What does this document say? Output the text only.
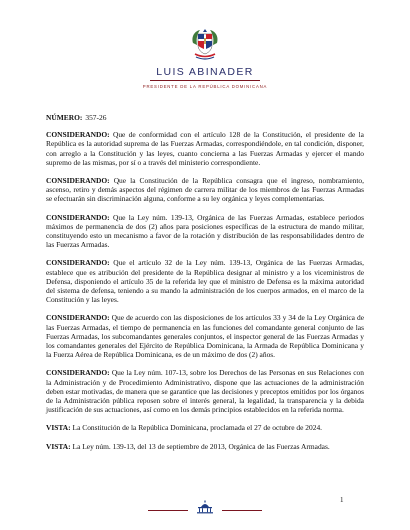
LUIS ABINADER
PRESIDENTE DE LA REPÚBLICA DOMINICANA

NÚMERO: 357-26

CONSIDERANDO: Que de conformidad con el artículo 128 de la Constitución, el presidente de la República es la autoridad suprema de las Fuerzas Armadas, correspondiéndole, en tal condición, disponer, con arreglo a la Constitución y las leyes, cuanto concierna a las Fuerzas Armadas y ejercer el mando supremo de las mismas, por sí o a través del ministerio correspondiente.

CONSIDERANDO: Que la Constitución de la República consagra que el ingreso, nombramiento, ascenso, retiro y demás aspectos del régimen de carrera militar de los miembros de las Fuerzas Armadas se efectuarán sin discriminación alguna, conforme a su ley orgánica y leyes complementarias.

CONSIDERANDO: Que la Ley núm. 139-13, Orgánica de las Fuerzas Armadas, establece periodos máximos de permanencia de dos (2) años para posiciones específicas de la estructura de mando militar, constituyendo esto un mecanismo a favor de la rotación y distribución de las responsabilidades dentro de las Fuerzas Armadas.

CONSIDERANDO: Que el artículo 32 de la Ley núm. 139-13, Orgánica de las Fuerzas Armadas, establece que es atribución del presidente de la República designar al ministro y a los viceministros de Defensa, disponiendo el artículo 35 de la referida ley que el ministro de Defensa es la máxima autoridad del sistema de defensa, teniendo a su mando la administración de los cuerpos armados, en el marco de la Constitución y las leyes.

CONSIDERANDO: Que de acuerdo con las disposiciones de los artículos 33 y 34 de la Ley Orgánica de las Fuerzas Armadas, el tiempo de permanencia en las funciones del comandante general conjunto de las Fuerzas Armadas, los subcomandantes generales conjuntos, el inspector general de las Fuerzas Armadas y los comandantes generales del Ejército de República Dominicana, la Armada de República Dominicana y la Fuerza Aérea de República Dominicana, es de un máximo de dos (2) años.

CONSIDERANDO: Que la Ley núm. 107-13, sobre los Derechos de las Personas en sus Relaciones con la Administración y de Procedimiento Administrativo, dispone que las actuaciones de la administración deben estar motivadas, de manera que se garantice que las decisiones y preceptos emitidos por los órganos de la Administración pública reposen sobre el interés general, la legalidad, la transparencia y la debida justificación de sus actuaciones, así como en los demás principios establecidos en la referida norma.

VISTA: La Constitución de la República Dominicana, proclamada el 27 de octubre de 2024.

VISTA: La Ley núm. 139-13, del 13 de septiembre de 2013, Orgánica de las Fuerzas Armadas.

1
